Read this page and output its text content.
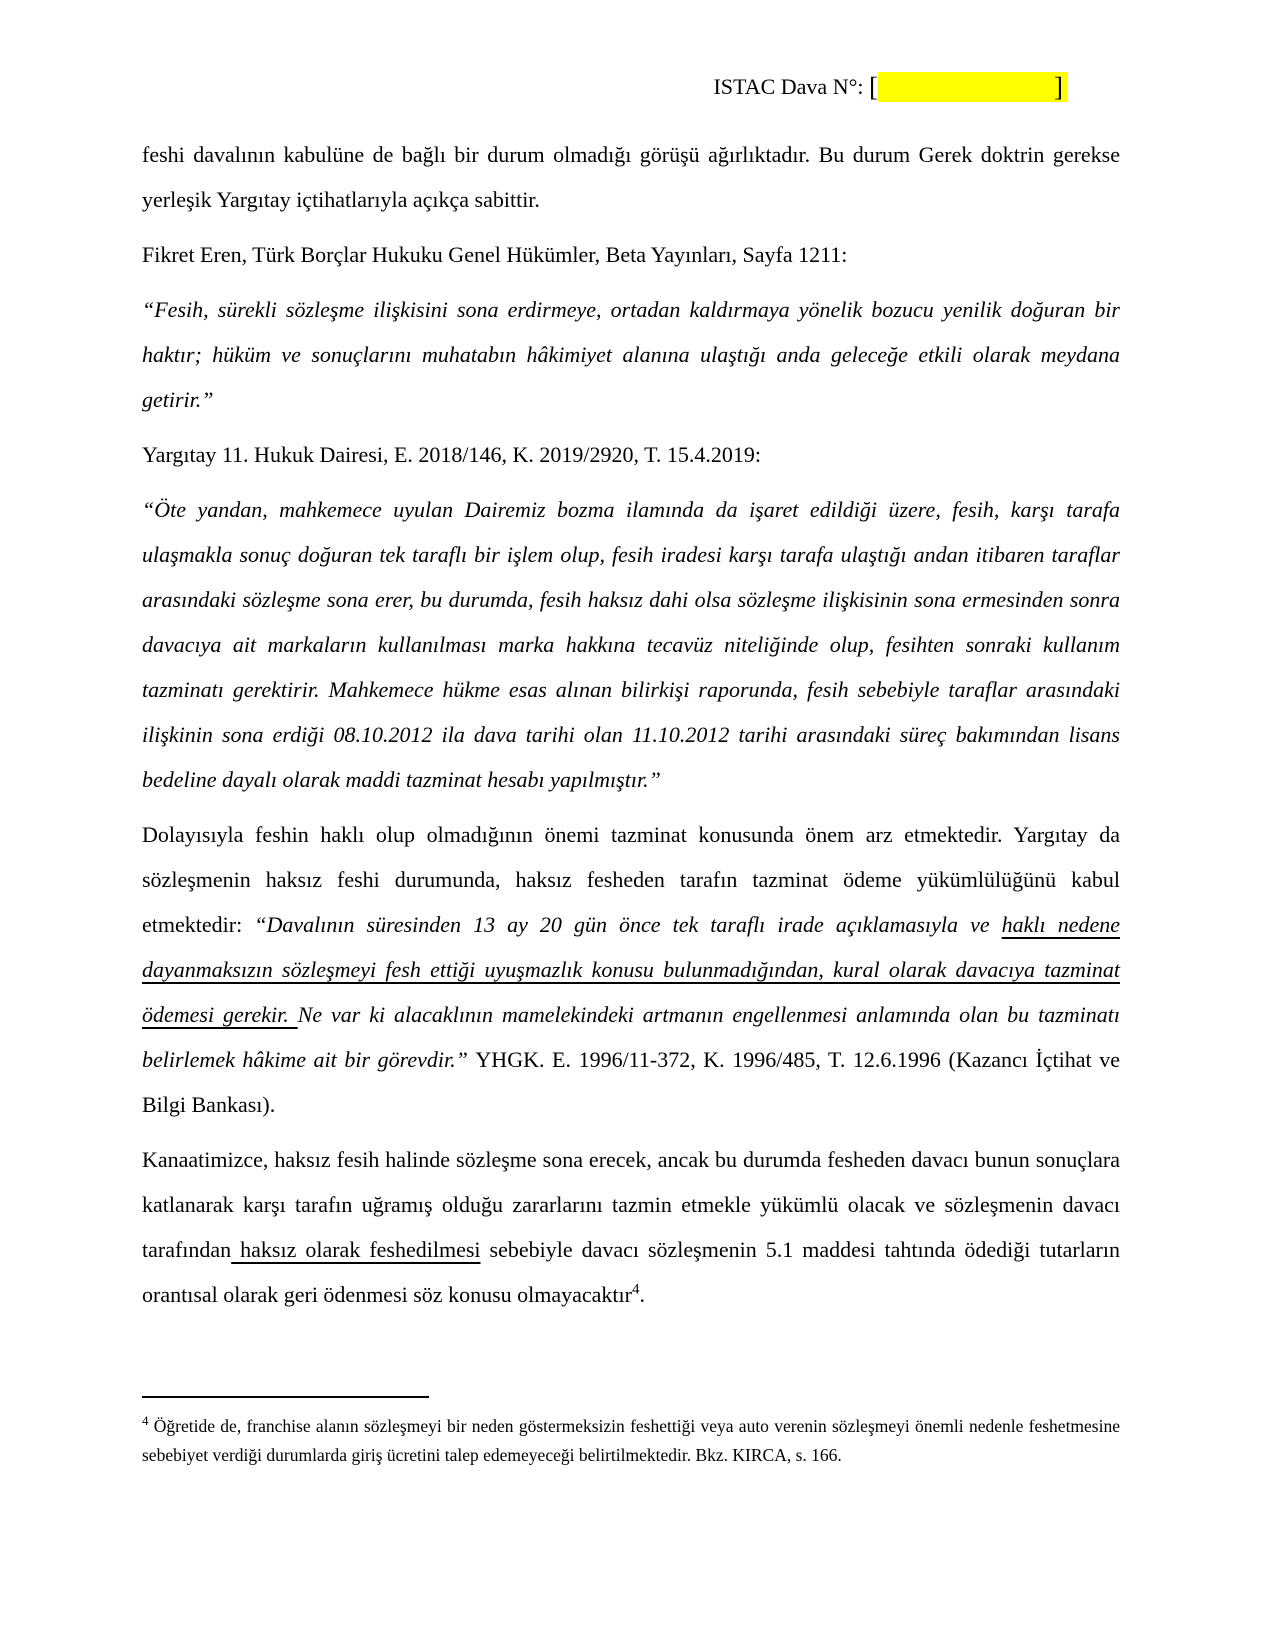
ISTAC Dava N°: [	]

feshi davalının kabulüne de bağlı bir durum olmadığı görüşü ağırlıktadır. Bu durum Gerek doktrin gerekse yerleşik Yargıtay içtihatlarıyla açıkça sabittir.

Fikret Eren, Türk Borçlar Hukuku Genel Hükümler, Beta Yayınları, Sayfa 1211:

“Fesih, sürekli sözleşme ilişkisini sona erdirmeye, ortadan kaldırmaya yönelik bozucu yenilik doğuran bir haktır; hüküm ve sonuçlarını muhatabın hâkimiyet alanına ulaştığı anda geleceğe etkili olarak meydana getirir.”

Yargıtay 11. Hukuk Dairesi, E. 2018/146, K. 2019/2920, T. 15.4.2019:

“Öte yandan, mahkemece uyulan Dairemiz bozma ilamında da işaret edildiği üzere, fesih, karşı tarafa ulaşmakla sonuç doğuran tek taraflı bir işlem olup, fesih iradesi karşı tarafa ulaştığı andan itibaren taraflar arasındaki sözleşme sona erer, bu durumda, fesih haksız dahi olsa sözleşme ilişkisinin sona ermesinden sonra davacıya ait markaların kullanılması marka hakkına tecavüz niteliğinde olup, fesihten sonraki kullanım tazminatı gerektirir. Mahkemece hükme esas alınan bilirkişi raporunda, fesih sebebiyle taraflar arasındaki ilişkinin sona erdiği 08.10.2012 ila dava tarihi olan 11.10.2012 tarihi arasındaki süreç bakımından lisans bedeline dayalı olarak maddi tazminat hesabı yapılmıştır.”

Dolayısıyla feshin haklı olup olmadığının önemi tazminat konusunda önem arz etmektedir. Yargıtay da sözleşmenin haksız feshi durumunda, haksız fesheden tarafın tazminat ödeme yükümlülüğünü kabul etmektedir: “Davalının süresinden 13 ay 20 gün önce tek taraflı irade açıklamasıyla ve haklı nedene dayanmaksızın sözleşmeyi fesh ettiği uyuşmazlık konusu bulunmadığından, kural olarak davacıya tazminat ödemesi gerekir. Ne var ki alacaklının mamelekindeki artmanın engellenmesi anlamında olan bu tazminatı belirlemek hâkime ait bir görevdir.” YHGK. E. 1996/11-372, K. 1996/485, T. 12.6.1996 (Kazancı İçtihat ve Bilgi Bankası).

Kanaatimizce, haksız fesih halinde sözleşme sona erecek, ancak bu durumda fesheden davacı bunun sonuçlara katlanarak karşı tarafın uğramış olduğu zararlarını tazmin etmekle yükümlü olacak ve sözleşmenin davacı tarafından haksız olarak feshedilmesi sebebiyle davacı sözleşmenin 5.1 maddesi tahtında ödediği tutarların orantısal olarak geri ödenmesi söz konusu olmayacaktır$^4$.

$^4$ Öğretide de, franchise alanın sözleşmeyi bir neden göstermeksizin feshettiği veya auto verenin sözleşmeyi önemli nedenle feshetmesine sebebiyet verdiği durumlarda giriş ücretini talep edemeyeceği belirtilmektedir. Bkz. KIRCA, s. 166.
